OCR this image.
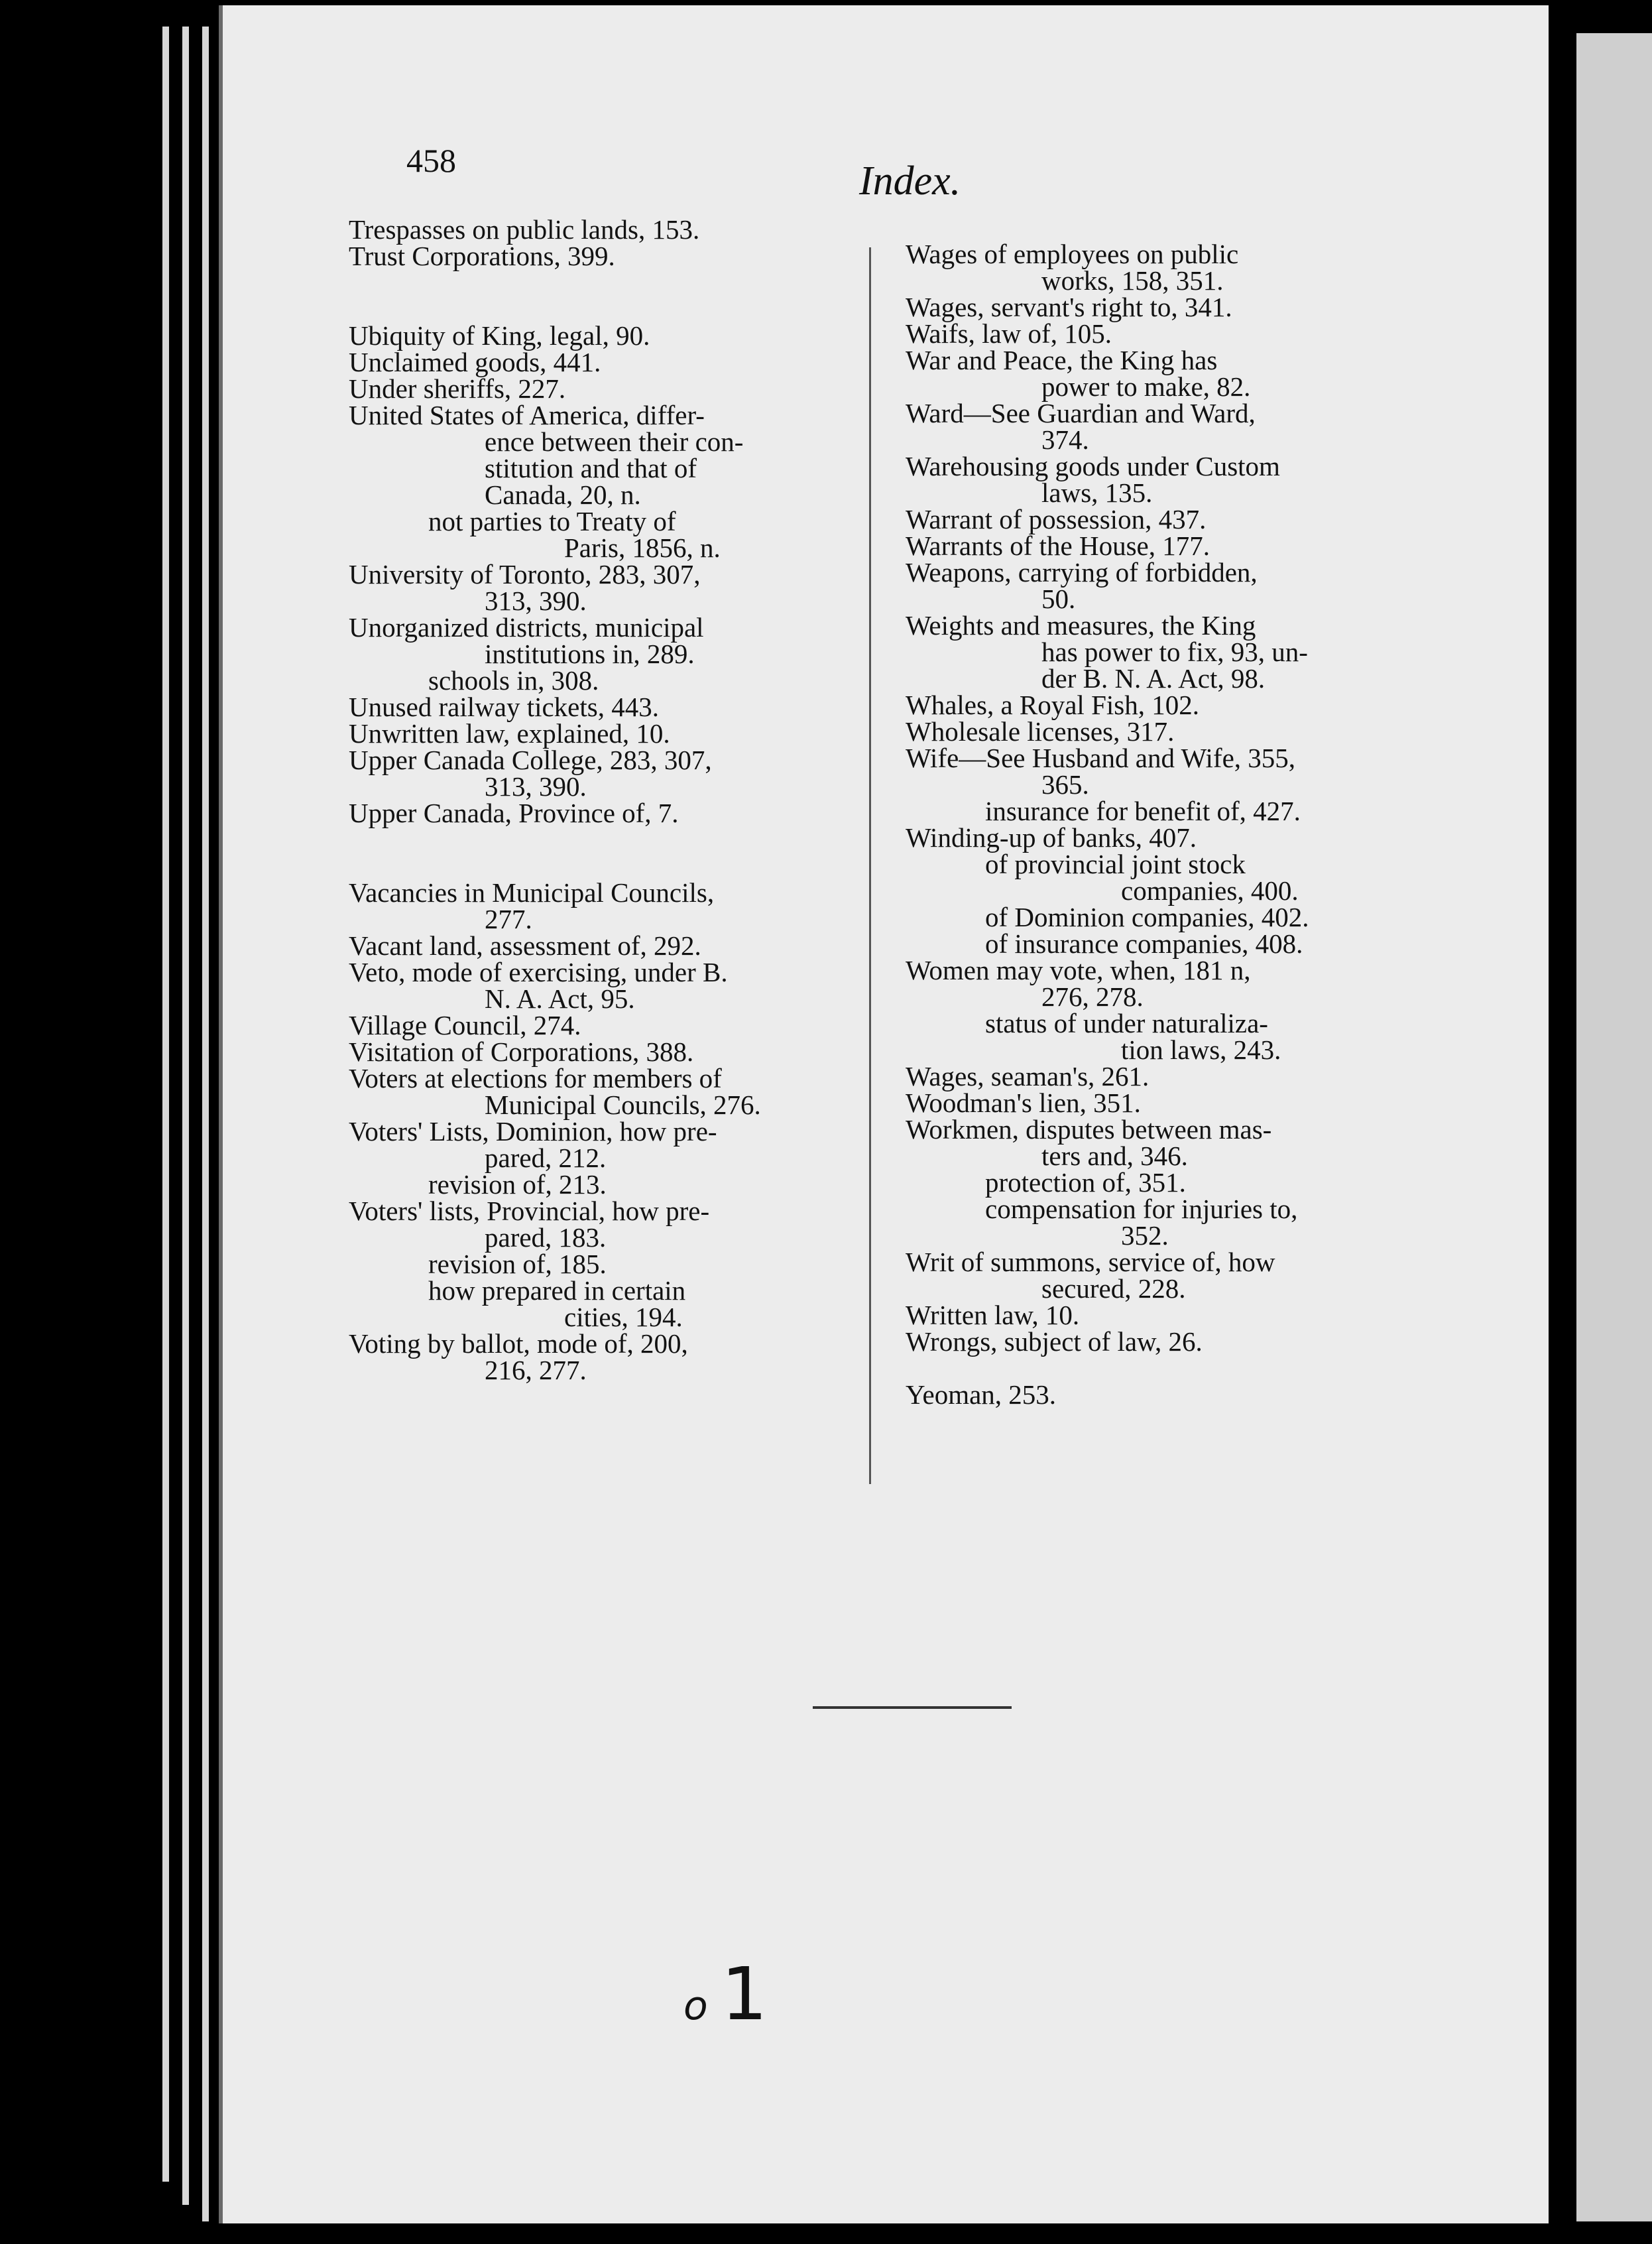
458	Index.
Trespasses on public lands, 153.
Trust Corporations, 399.
Ubiquity of King, legal, 90.
Unclaimed goods, 441.
Under sheriffs, 227.
United States of America, differ-
ence between their con-
stitution and that of
Canada, 20, n.
not parties to Treaty of
Paris, 1856, n.
University of Toronto, 283, 307,
313, 390.
Unorganized districts, municipal
institutions in, 289.
schools in, 308.
Unused railway tickets, 443.
Unwritten law, explained, 10.
Upper Canada College, 283, 307,
313, 390.
Upper Canada, Province of, 7.
Vacancies in Municipal Councils,
277.
Vacant land, assessment of, 292.
Veto, mode of exercising, under B.
N. A. Act, 95.
Village Council, 274.
Visitation of Corporations, 388.
Voters at elections for members of
Municipal Councils, 276.
Voters' Lists, Dominion, how pre-
pared, 212.
revision of, 213.
Voters' lists, Provincial, how pre-
pared, 183.
revision of, 185.
how prepared in certain
cities, 194.
Voting by ballot, mode of, 200,
216, 277.
Wages of employees on public
works, 158, 351.
Wages, servant's right to, 341.
Waifs, law of, 105.
War and Peace, the King has
power to make, 82.
Ward—See Guardian and Ward,
374.
Warehousing goods under Custom
laws, 135.
Warrant of possession, 437.
Warrants of the House, 177.
Weapons, carrying of forbidden,
50.
Weights and measures, the King
has power to fix, 93, un-
der B. N. A. Act, 98.
Whales, a Royal Fish, 102.
Wholesale licenses, 317.
Wife—See Husband and Wife, 355,
365.
insurance for benefit of, 427.
Winding-up of banks, 407.
of provincial joint stock
companies, 400.
of Dominion companies, 402.
of insurance companies, 408.
Women may vote, when, 181 n,
276, 278.
status of under naturaliza-
tion laws, 243.
Wages, seaman's, 261.
Woodman's lien, 351.
Workmen, disputes between mas-
ters and, 346.
protection of, 351.
compensation for injuries to,
352.
Writ of summons, service of, how
secured, 228.
Written law, 10.
Wrongs, subject of law, 26.
Yeoman, 253.
o 1
